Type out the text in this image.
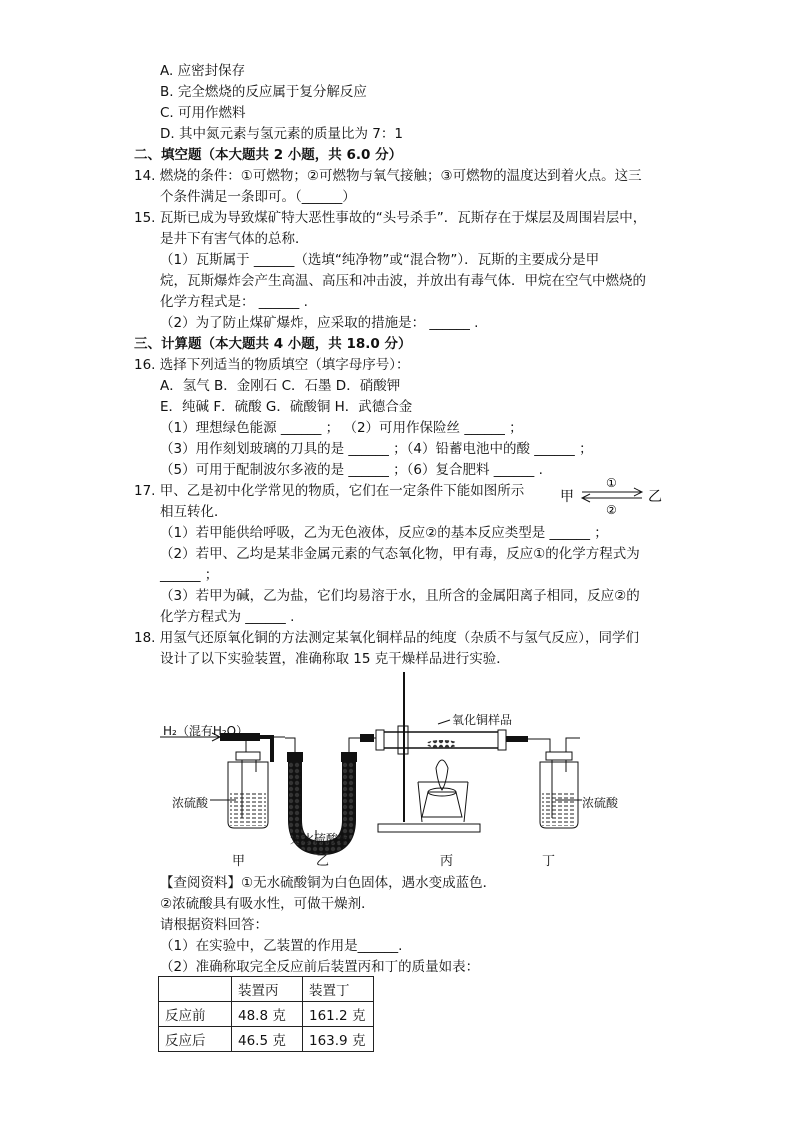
A. 应密封保存
B. 完全燃烧的反应属于复分解反应
C. 可用作燃料
D. 其中氮元素与氢元素的质量比为 7：1
二、填空题（本大题共 2 小题，共 6.0 分）
14. 燃烧的条件：①可燃物；②可燃物与氧气接触；③可燃物的温度达到着火点。这三
个条件满足一条即可。（______）
15. 瓦斯已成为导致煤矿特大恶性事故的“头号杀手”．瓦斯存在于煤层及周围岩层中，
是井下有害气体的总称．
（1）瓦斯属于 ______（选填“纯净物”或“混合物”）．瓦斯的主要成分是甲
烷，瓦斯爆炸会产生高温、高压和冲击波，并放出有毒气体．甲烷在空气中燃烧的
化学方程式是： ______ .
（2）为了防止煤矿爆炸，应采取的措施是： ______ .
三、计算题（本大题共 4 小题，共 18.0 分）
16. 选择下列适当的物质填空（填字母序号）：
A．氢气 B．金刚石 C．石墨 D．硝酸钾
E．纯碱 F．硫酸 G．硫酸铜 H．武德合金
（1）理想绿色能源 ______ ； （2）可用作保险丝 ______ ；
（3）用作刻划玻璃的刀具的是 ______ ；（4）铅蓄电池中的酸 ______ ；
（5）可用于配制波尔多液的是 ______ ；（6）复合肥料 ______ .
17. 甲、乙是初中化学常见的物质，它们在一定条件下能如图所示
相互转化．
甲	乙
①
②
（1）若甲能供给呼吸，乙为无色液体，反应②的基本反应类型是 ______ ；
（2）若甲、乙均是某非金属元素的气态氧化物，甲有毒，反应①的化学方程式为
______ ；
（3）若甲为碱，乙为盐，它们均易溶于水，且所含的金属阳离子相同，反应②的
化学方程式为 ______ .
18. 用氢气还原氧化铜的方法测定某氧化铜样品的纯度（杂质不与氢气反应），同学们
设计了以下实验装置，准确称取 15 克干燥样品进行实验．
H₂（混有H₂O）
氧化铜样品
浓硫酸	浓硫酸
无水硫酸铜
甲	乙	丙	丁
【查阅资料】①无水硫酸铜为白色固体，遇水变成蓝色．
②浓硫酸具有吸水性，可做干燥剂．
请根据资料回答：
（1）在实验中，乙装置的作用是______.
（2）准确称取完全反应前后装置丙和丁的质量如表：
	装置丙	装置丁
反应前	48.8 克	161.2 克
反应后	46.5 克	163.9 克
